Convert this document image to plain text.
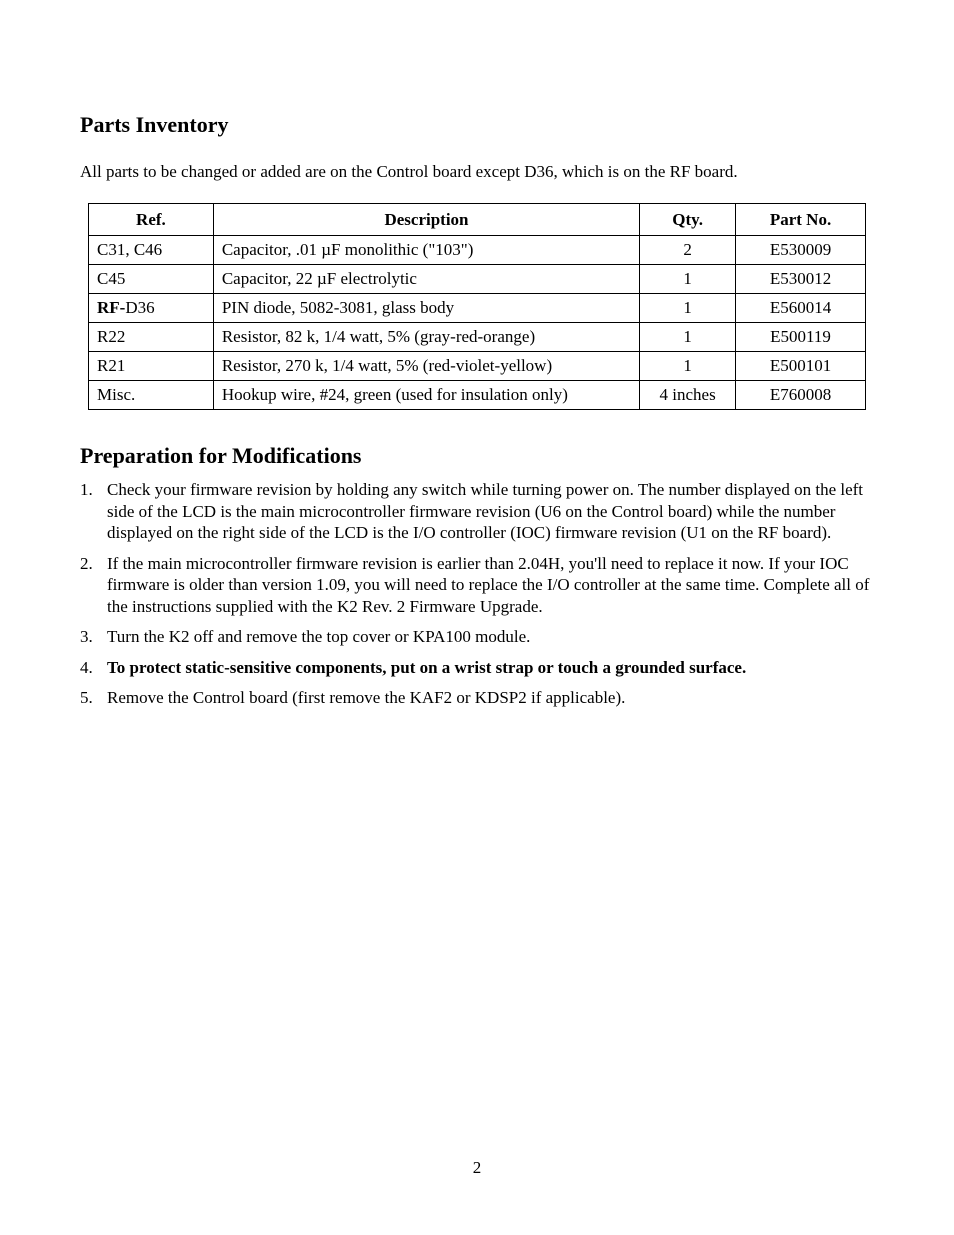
Parts Inventory

All parts to be changed or added are on the Control board except D36, which is on the RF board.

Ref.	Description	Qty.	Part No.
C31, C46	Capacitor, .01 µF monolithic ("103")	2	E530009
C45	Capacitor, 22 µF electrolytic	1	E530012
RF-D36	PIN diode, 5082-3081, glass body	1	E560014
R22	Resistor, 82 k, 1/4 watt, 5% (gray-red-orange)	1	E500119
R21	Resistor, 270 k, 1/4 watt, 5% (red-violet-yellow)	1	E500101
Misc.	Hookup wire, #24, green (used for insulation only)	4 inches	E760008
Preparation for Modifications
1. Check your firmware revision by holding any switch while turning power on. The number displayed on the left side of the LCD is the main microcontroller firmware revision (U6 on the Control board) while the number displayed on the right side of the LCD is the I/O controller (IOC) firmware revision (U1 on the RF board).
2. If the main microcontroller firmware revision is earlier than 2.04H, you'll need to replace it now. If your IOC firmware is older than version 1.09, you will need to replace the I/O controller at the same time. Complete all of the instructions supplied with the K2 Rev. 2 Firmware Upgrade.
3. Turn the K2 off and remove the top cover or KPA100 module.
4. To protect static-sensitive components, put on a wrist strap or touch a grounded surface.
5. Remove the Control board (first remove the KAF2 or KDSP2 if applicable).

2
